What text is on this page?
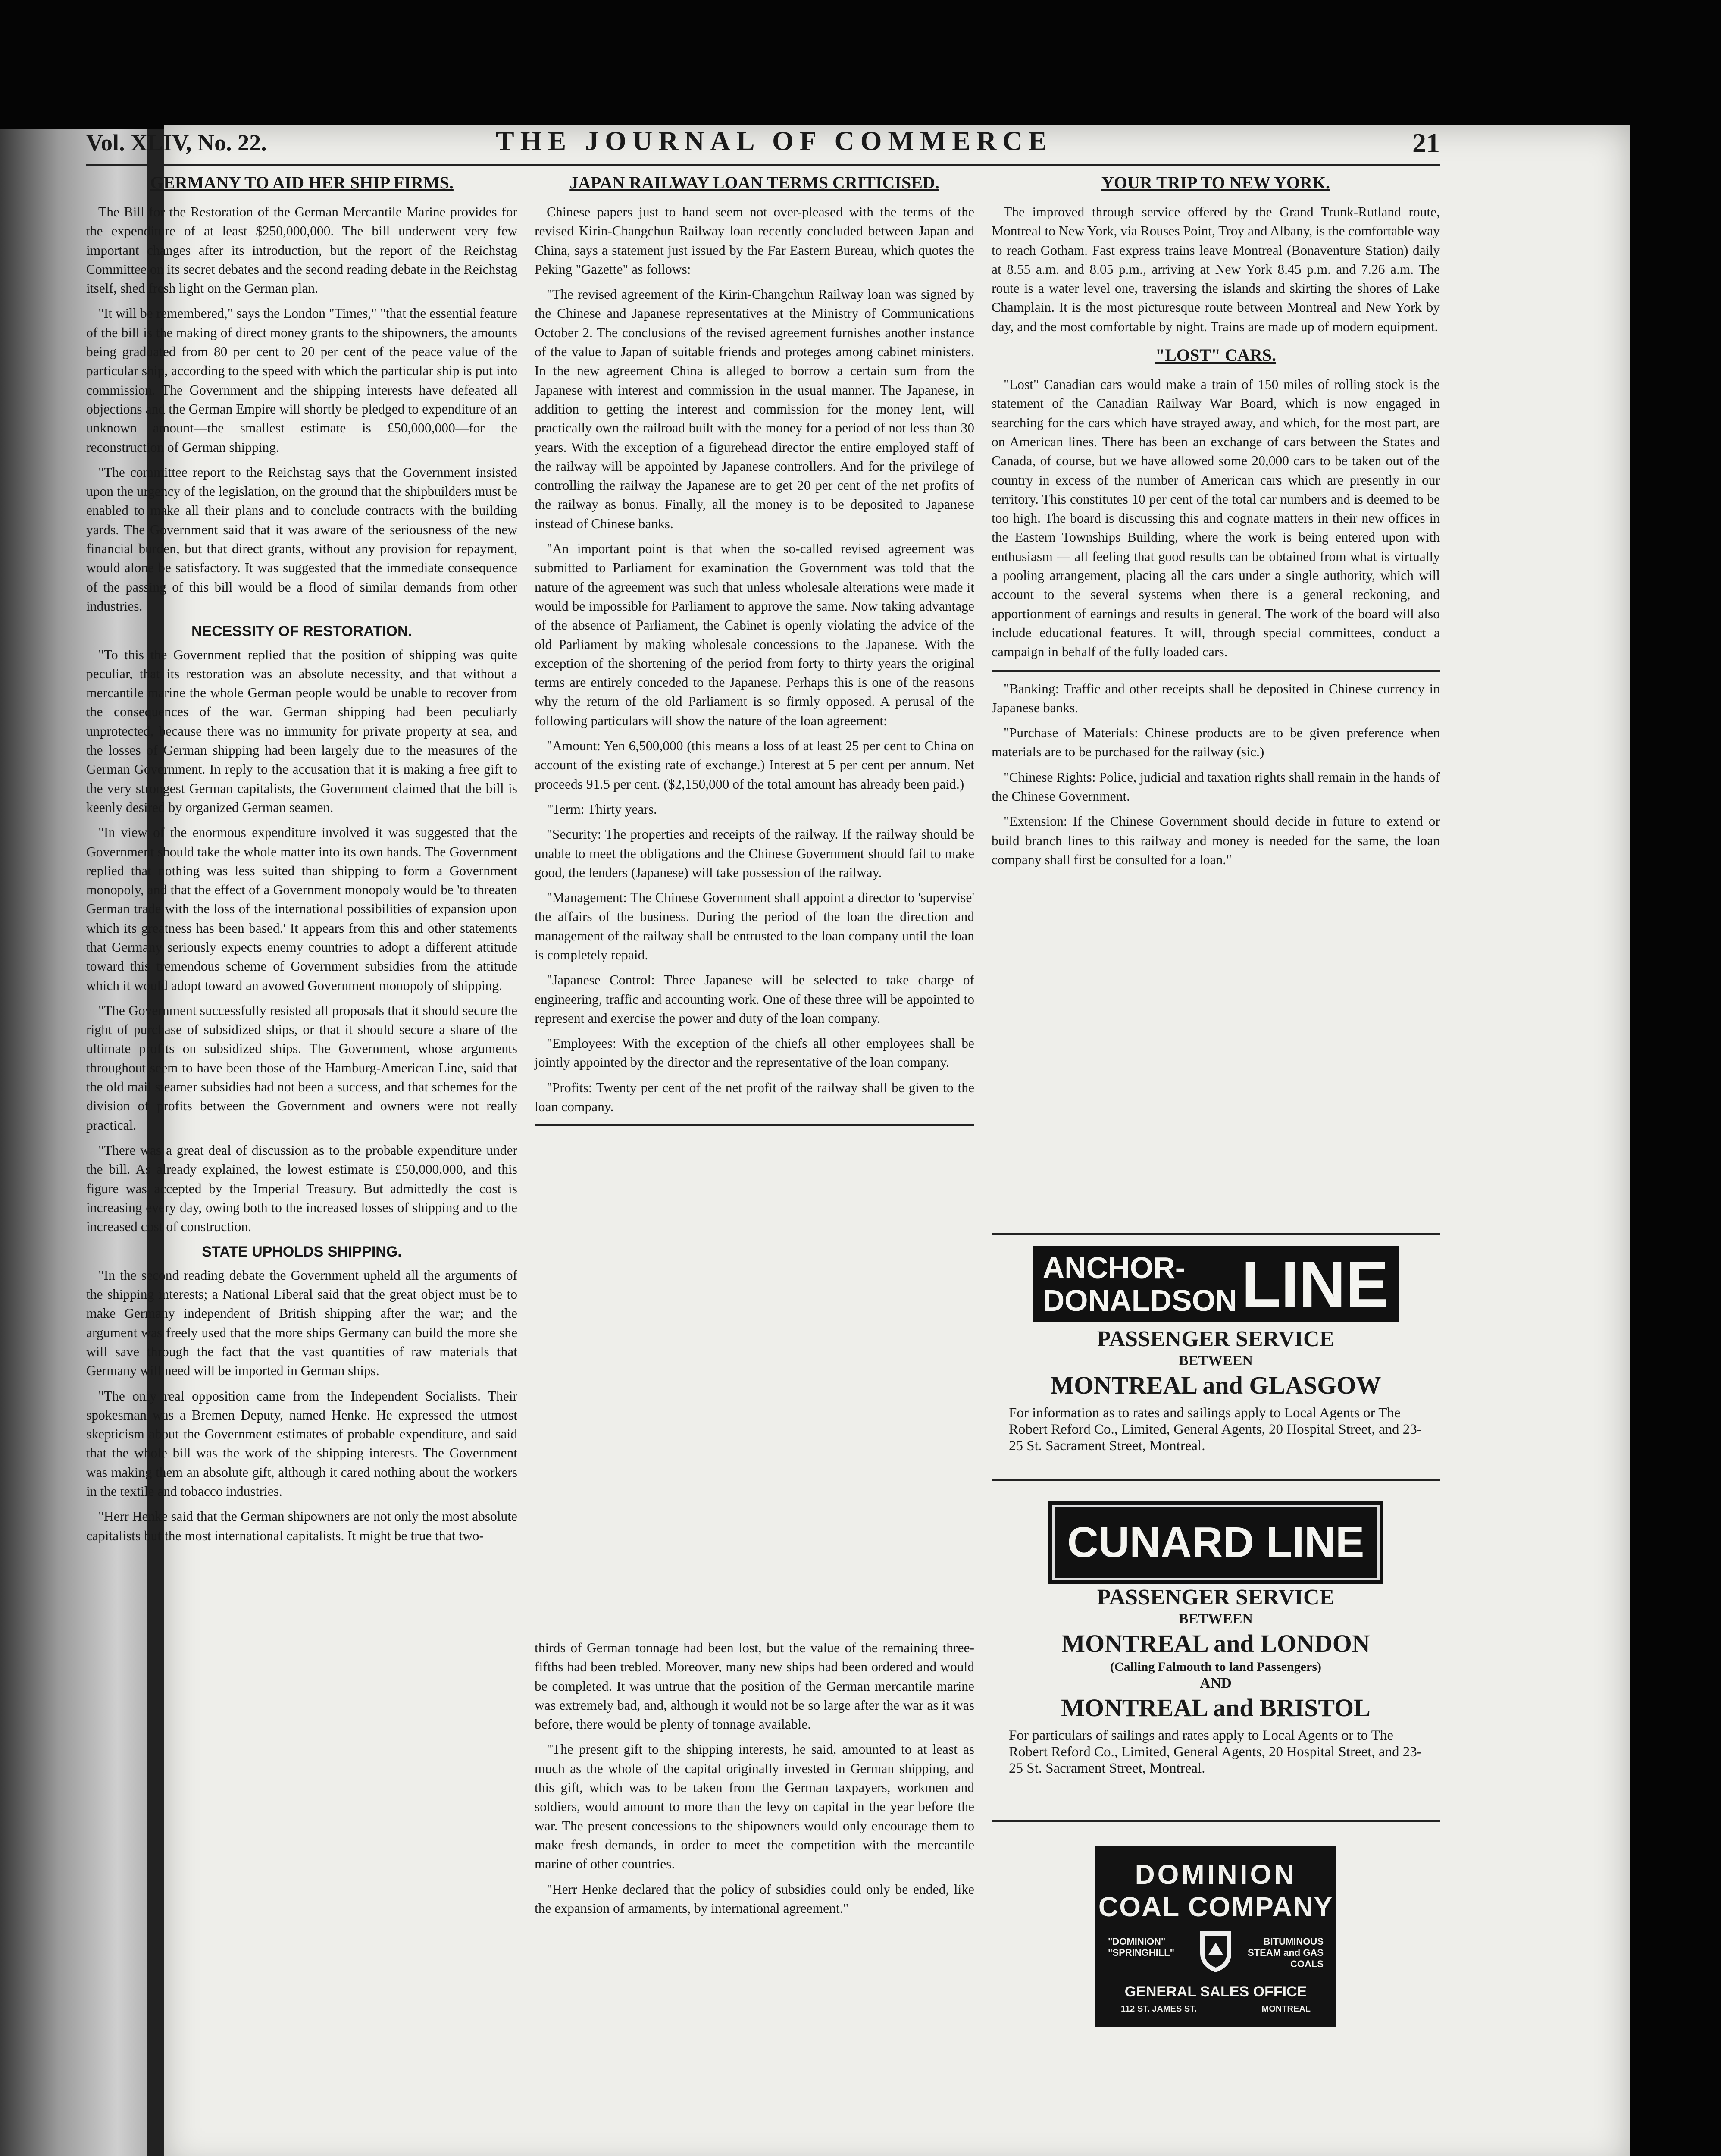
Vol. XLIV, No. 22.	THE JOURNAL OF COMMERCE	21
GERMANY TO AID HER SHIP FIRMS.

The Bill for the Restoration of the German Mercantile Marine provides for the expenditure of at least $250,000,000. The bill underwent very few important changes after its introduction, but the report of the Reichstag Committee on its secret debates and the second reading debate in the Reichstag itself, shed fresh light on the German plan.

"It will be remembered," says the London "Times," "that the essential feature of the bill is the making of direct money grants to the shipowners, the amounts being graduated from 80 per cent to 20 per cent of the peace value of the particular ship, according to the speed with which the particular ship is put into commission. The Government and the shipping interests have defeated all objections and the German Empire will shortly be pledged to expenditure of an unknown amount—the smallest estimate is £50,000,000—for the reconstruction of German shipping.

"The committee report to the Reichstag says that the Government insisted upon the urgency of the legislation, on the ground that the shipbuilders must be enabled to make all their plans and to conclude contracts with the building yards. The Government said that it was aware of the seriousness of the new financial burden, but that direct grants, without any provision for repayment, would alone be satisfactory. It was suggested that the immediate consequence of the passing of this bill would be a flood of similar demands from other industries.

NECESSITY OF RESTORATION.

"To this the Government replied that the position of shipping was quite peculiar, that its restoration was an absolute necessity, and that without a mercantile marine the whole German people would be unable to recover from the consequences of the war. German shipping had been peculiarly unprotected, because there was no immunity for private property at sea, and the losses of German shipping had been largely due to the measures of the German Government. In reply to the accusation that it is making a free gift to the very strongest German capitalists, the Government claimed that the bill is keenly desired by organized German seamen.

"In view of the enormous expenditure involved it was suggested that the Government should take the whole matter into its own hands. The Government replied that nothing was less suited than shipping to form a Government monopoly, and that the effect of a Government monopoly would be 'to threaten German trade with the loss of the international possibilities of expansion upon which its greatness has been based.' It appears from this and other statements that Germany seriously expects enemy countries to adopt a different attitude toward this tremendous scheme of Government subsidies from the attitude which it would adopt toward an avowed Government monopoly of shipping.

"The Government successfully resisted all proposals that it should secure the right of purchase of subsidized ships, or that it should secure a share of the ultimate profits on subsidized ships. The Government, whose arguments throughout seem to have been those of the Hamburg-American Line, said that the old mail steamer subsidies had not been a success, and that schemes for the division of profits between the Government and owners were not really practical.

"There was a great deal of discussion as to the probable expenditure under the bill. As already explained, the lowest estimate is £50,000,000, and this figure was accepted by the Imperial Treasury. But admittedly the cost is increasing every day, owing both to the increased losses of shipping and to the increased cost of construction.

STATE UPHOLDS SHIPPING.

"In the second reading debate the Government upheld all the arguments of the shipping interests; a National Liberal said that the great object must be to make Germany independent of British shipping after the war; and the argument was freely used that the more ships Germany can build the more she will save through the fact that the vast quantities of raw materials that Germany will need will be imported in German ships.

"The only real opposition came from the Independent Socialists. Their spokesman was a Bremen Deputy, named Henke. He expressed the utmost skepticism about the Government estimates of probable expenditure, and said that the whole bill was the work of the shipping interests. The Government was making them an absolute gift, although it cared nothing about the workers in the textile and tobacco industries.

"Herr Henke said that the German shipowners are not only the most absolute capitalists but the most international capitalists. It might be true that two-

JAPAN RAILWAY LOAN TERMS CRITICISED.

Chinese papers just to hand seem not over-pleased with the terms of the revised Kirin-Changchun Railway loan recently concluded between Japan and China, says a statement just issued by the Far Eastern Bureau, which quotes the Peking "Gazette" as follows:

"The revised agreement of the Kirin-Changchun Railway loan was signed by the Chinese and Japanese representatives at the Ministry of Communications October 2. The conclusions of the revised agreement furnishes another instance of the value to Japan of suitable friends and proteges among cabinet ministers. In the new agreement China is alleged to borrow a certain sum from the Japanese with interest and commission in the usual manner. The Japanese, in addition to getting the interest and commission for the money lent, will practically own the railroad built with the money for a period of not less than 30 years. With the exception of a figurehead director the entire employed staff of the railway will be appointed by Japanese controllers. And for the privilege of controlling the railway the Japanese are to get 20 per cent of the net profits of the railway as bonus. Finally, all the money is to be deposited to Japanese instead of Chinese banks.

"An important point is that when the so-called revised agreement was submitted to Parliament for examination the Government was told that the nature of the agreement was such that unless wholesale alterations were made it would be impossible for Parliament to approve the same. Now taking advantage of the absence of Parliament, the Cabinet is openly violating the advice of the old Parliament by making wholesale concessions to the Japanese. With the exception of the shortening of the period from forty to thirty years the original terms are entirely conceded to the Japanese. Perhaps this is one of the reasons why the return of the old Parliament is so firmly opposed. A perusal of the following particulars will show the nature of the loan agreement:

"Amount: Yen 6,500,000 (this means a loss of at least 25 per cent to China on account of the existing rate of exchange.) Interest at 5 per cent per annum. Net proceeds 91.5 per cent. ($2,150,000 of the total amount has already been paid.)

"Term: Thirty years.

"Security: The properties and receipts of the railway. If the railway should be unable to meet the obligations and the Chinese Government should fail to make good, the lenders (Japanese) will take possession of the railway.

"Management: The Chinese Government shall appoint a director to 'supervise' the affairs of the business. During the period of the loan the direction and management of the railway shall be entrusted to the loan company until the loan is completely repaid.

"Japanese Control: Three Japanese will be selected to take charge of engineering, traffic and accounting work. One of these three will be appointed to represent and exercise the power and duty of the loan company.

"Employees: With the exception of the chiefs all other employees shall be jointly appointed by the director and the representative of the loan company.

"Profits: Twenty per cent of the net profit of the railway shall be given to the loan company.

thirds of German tonnage had been lost, but the value of the remaining three-fifths had been trebled. Moreover, many new ships had been ordered and would be completed. It was untrue that the position of the German mercantile marine was extremely bad, and, although it would not be so large after the war as it was before, there would be plenty of tonnage available.

"The present gift to the shipping interests, he said, amounted to at least as much as the whole of the capital originally invested in German shipping, and this gift, which was to be taken from the German taxpayers, workmen and soldiers, would amount to more than the levy on capital in the year before the war. The present concessions to the shipowners would only encourage them to make fresh demands, in order to meet the competition with the mercantile marine of other countries.

"Herr Henke declared that the policy of subsidies could only be ended, like the expansion of armaments, by international agreement."

YOUR TRIP TO NEW YORK.

The improved through service offered by the Grand Trunk-Rutland route, Montreal to New York, via Rouses Point, Troy and Albany, is the comfortable way to reach Gotham. Fast express trains leave Montreal (Bonaventure Station) daily at 8.55 a.m. and 8.05 p.m., arriving at New York 8.45 p.m. and 7.26 a.m. The route is a water level one, traversing the islands and skirting the shores of Lake Champlain. It is the most picturesque route between Montreal and New York by day, and the most comfortable by night. Trains are made up of modern equipment.

"LOST" CARS.

"Lost" Canadian cars would make a train of 150 miles of rolling stock is the statement of the Canadian Railway War Board, which is now engaged in searching for the cars which have strayed away, and which, for the most part, are on American lines. There has been an exchange of cars between the States and Canada, of course, but we have allowed some 20,000 cars to be taken out of the country in excess of the number of American cars which are presently in our territory. This constitutes 10 per cent of the total car numbers and is deemed to be too high. The board is discussing this and cognate matters in their new offices in the Eastern Townships Building, where the work is being entered upon with enthusiasm — all feeling that good results can be obtained from what is virtually a pooling arrangement, placing all the cars under a single authority, which will account to the several systems when there is a general reckoning, and apportionment of earnings and results in general. The work of the board will also include educational features. It will, through special committees, conduct a campaign in behalf of the fully loaded cars.

"Banking: Traffic and other receipts shall be deposited in Chinese currency in Japanese banks.

"Purchase of Materials: Chinese products are to be given preference when materials are to be purchased for the railway (sic.)

"Chinese Rights: Police, judicial and taxation rights shall remain in the hands of the Chinese Government.

"Extension: If the Chinese Government should decide in future to extend or build branch lines to this railway and money is needed for the same, the loan company shall first be consulted for a loan."

ANCHOR-
DONALDSONLINE
PASSENGER SERVICE
BETWEEN
MONTREAL and GLASGOW
For information as to rates and sailings apply to Local Agents or The Robert Reford Co., Limited, General Agents, 20 Hospital Street, and 23-25 St. Sacrament Street, Montreal.
CUNARD LINE
PASSENGER SERVICE
BETWEEN
MONTREAL and LONDON
(Calling Falmouth to land Passengers)
AND
MONTREAL and BRISTOL
For particulars of sailings and rates apply to Local Agents or to The Robert Reford Co., Limited, General Agents, 20 Hospital Street, and 23-25 St. Sacrament Street, Montreal.
DOMINION
COAL COMPANY
"DOMINION" "SPRINGHILL"
BITUMINOUS STEAM and GAS COALS
GENERAL SALES OFFICE
112 ST. JAMES ST.	MONTREAL
